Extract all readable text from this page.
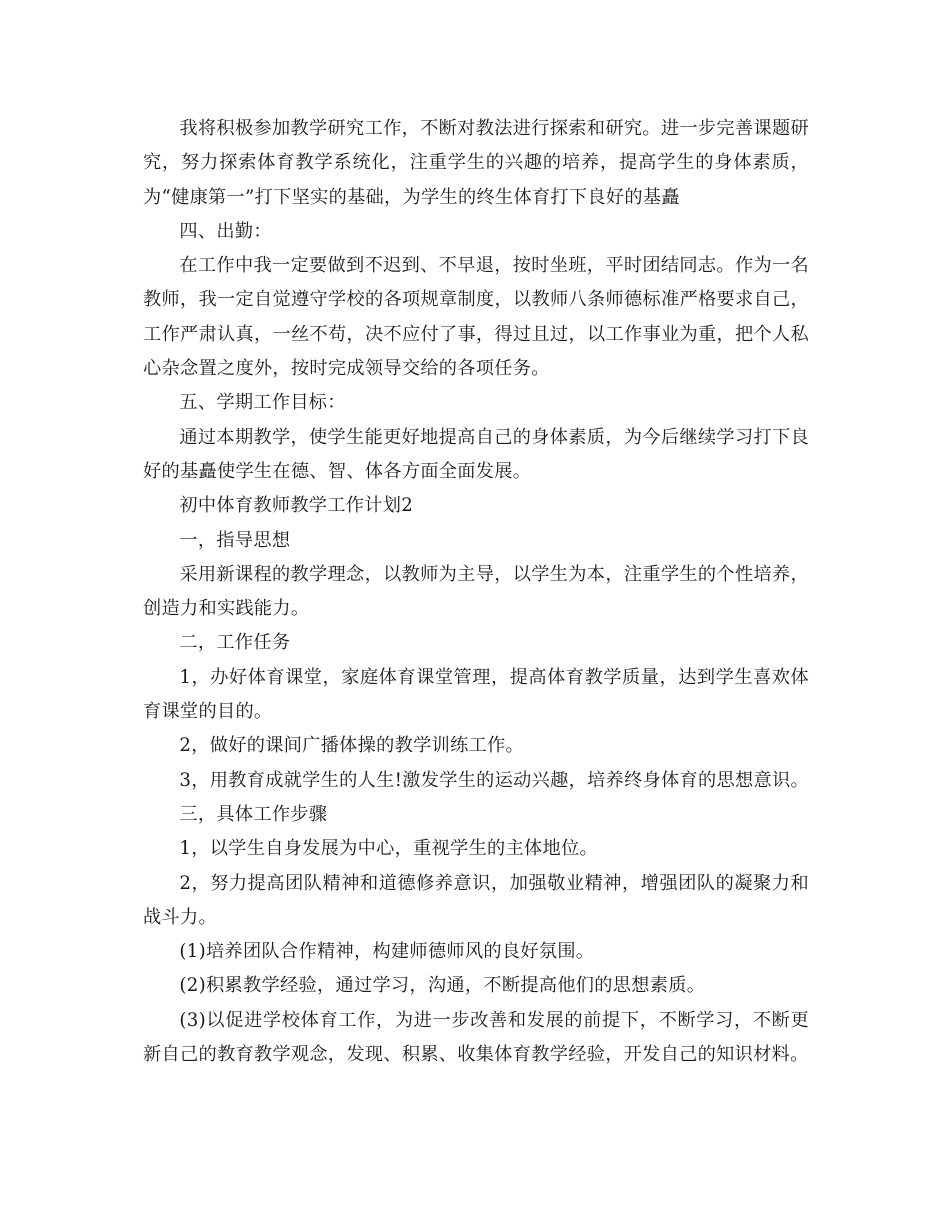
我将积极参加教学研究工作，不断对教法进行探索和研究。进一步完善课题研究，努力探索体育教学系统化，注重学生的兴趣的培养，提高学生的身体素质，为“健康第一”打下坚实的基础，为学生的终生体育打下良好的基矗

四、出勤：

在工作中我一定要做到不迟到、不早退，按时坐班，平时团结同志。作为一名教师，我一定自觉遵守学校的各项规章制度，以教师八条师德标准严格要求自己，工作严肃认真，一丝不苟，决不应付了事，得过且过，以工作事业为重，把个人私心杂念置之度外，按时完成领导交给的各项任务。

五、学期工作目标：

通过本期教学，使学生能更好地提高自己的身体素质，为今后继续学习打下良好的基矗使学生在德、智、体各方面全面发展。

初中体育教师教学工作计划2

一，指导思想

采用新课程的教学理念，以教师为主导，以学生为本，注重学生的个性培养，创造力和实践能力。

二，工作任务

1，办好体育课堂，家庭体育课堂管理，提高体育教学质量，达到学生喜欢体育课堂的目的。

2，做好的课间广播体操的教学训练工作。

3，用教育成就学生的人生!激发学生的运动兴趣，培养终身体育的思想意识。

三，具体工作步骤

1，以学生自身发展为中心，重视学生的主体地位。

2，努力提高团队精神和道德修养意识，加强敬业精神，增强团队的凝聚力和战斗力。

(1)培养团队合作精神，构建师德师风的良好氛围。

(2)积累教学经验，通过学习，沟通，不断提高他们的思想素质。

(3)以促进学校体育工作，为进一步改善和发展的前提下，不断学习，不断更新自己的教育教学观念，发现、积累、收集体育教学经验，开发自己的知识材料。
